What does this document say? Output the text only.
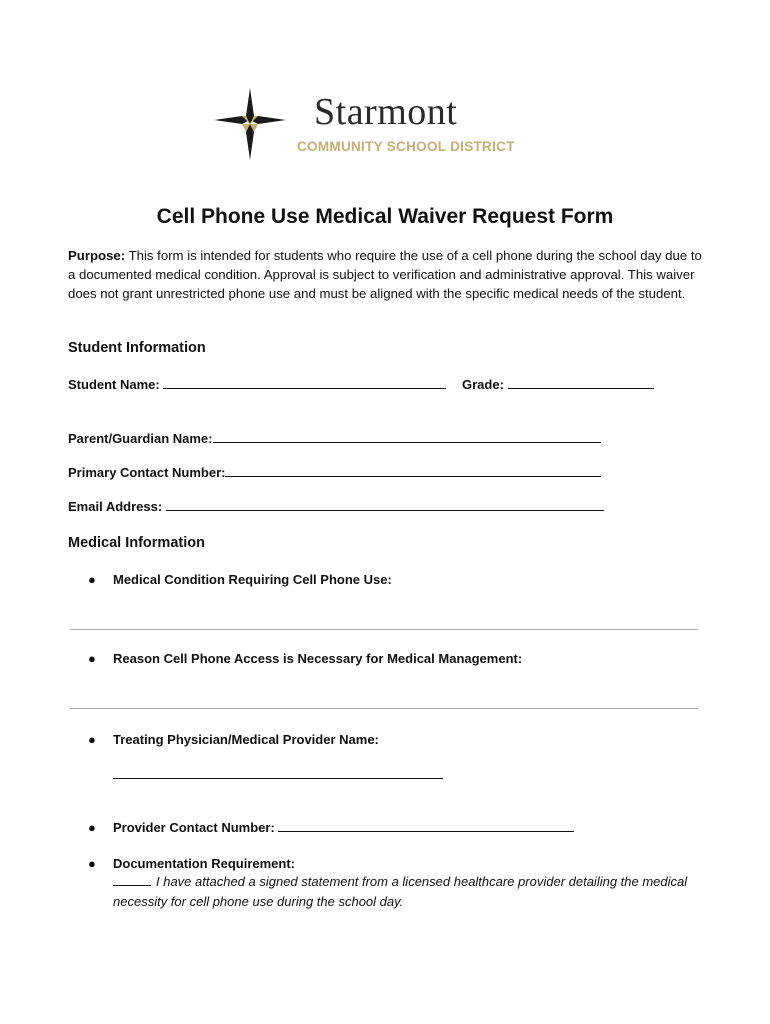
Starmont
COMMUNITY SCHOOL DISTRICT
Cell Phone Use Medical Waiver Request Form
Purpose: This form is intended for students who require the use of a cell phone during the school day due to a documented medical condition. Approval is subject to verification and administrative approval. This waiver does not grant unrestricted phone use and must be aligned with the specific medical needs of the student.
Student Information
Student Name:	Grade:
Parent/Guardian Name:
Primary Contact Number:
Email Address:
Medical Information
● Medical Condition Requiring Cell Phone Use:
● Reason Cell Phone Access is Necessary for Medical Management:
● Treating Physician/Medical Provider Name:
● Provider Contact Number:
● Documentation Requirement:
I have attached a signed statement from a licensed healthcare provider detailing the medical necessity for cell phone use during the school day.
